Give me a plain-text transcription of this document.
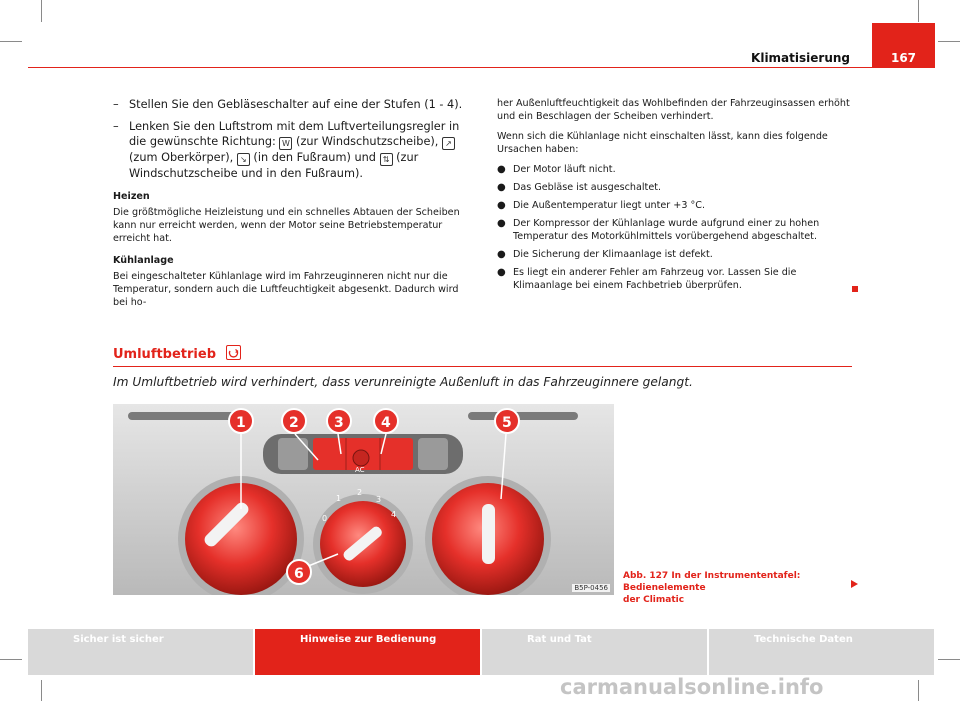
Klimatisierung	167
– Stellen Sie den Gebläseschalter auf eine der Stufen (1 - 4).
– Lenken Sie den Luftstrom mit dem Luftverteilungsregler in die gewünschte Richtung: W (zur Windschutzscheibe), ↗ (zum Oberkörper), ↘ (in den Fußraum) und ⇅ (zur Windschutzscheibe und in den Fußraum).
Heizen

Die größtmögliche Heizleistung und ein schnelles Abtauen der Scheiben kann nur erreicht werden, wenn der Motor seine Betriebstemperatur erreicht hat.

Kühlanlage

Bei eingeschalteter Kühlanlage wird im Fahrzeuginneren nicht nur die Temperatur, sondern auch die Luftfeuchtigkeit abgesenkt. Dadurch wird bei ho-

her Außenluftfeuchtigkeit das Wohlbefinden der Fahrzeuginsassen erhöht und ein Beschlagen der Scheiben verhindert.

Wenn sich die Kühlanlage nicht einschalten lässt, kann dies folgende Ursachen haben:

● Der Motor läuft nicht.
● Das Gebläse ist ausgeschaltet.
● Die Außentemperatur liegt unter +3 °C.
● Der Kompressor der Kühlanlage wurde aufgrund einer zu hohen Temperatur des Motorkühlmittels vorübergehend abgeschaltet.
● Die Sicherung der Klimaanlage ist defekt.
● Es liegt ein anderer Fehler am Fahrzeug vor. Lassen Sie die Klimaanlage bei einem Fachbetrieb überprüfen.
Umluftbetrieb
Im Umluftbetrieb wird verhindert, dass verunreinigte Außenluft in das Fahrzeuginnere gelangt.
AC
0
1
2
3
4
1	2	3	4	5
6
B5P-0456
Abb. 127 In der Instrumententafel: Bedienelemente
der Climatic
Sicher ist sicher	Hinweise zur Bedienung	Rat und Tat	Technische Daten
carmanualsonline.info
